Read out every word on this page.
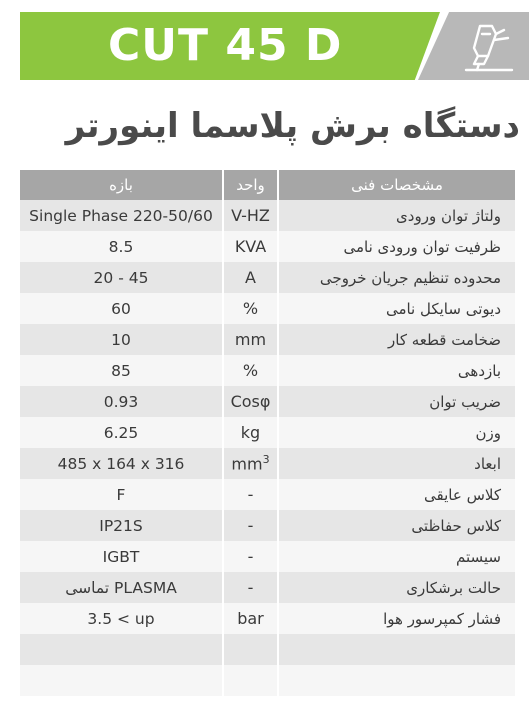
CUT 45 D
دستگاه برش پلاسما اینورتر
بازه	واحد	مشخصات فنی
Single Phase 220-50/60	V-HZ	ولتاژ توان ورودی
8.5	KVA	ظرفیت توان ورودی نامی
20 - 45	A	محدوده تنظیم جریان خروجی
60	%	دیوتی سایکل نامی
10	mm	ضخامت قطعه کار
85	%	بازدهی
0.93	Cosφ	ضریب توان
6.25	kg	وزن
485 x 164 x 316	$mm^3$	ابعاد
F	-	کلاس عایقی
IP21S	-	کلاس حفاظتی
IGBT	-	سیستم
تماسی PLASMA	-	حالت برشکاری
3.5 < up	bar	فشار کمپرسور هوا
